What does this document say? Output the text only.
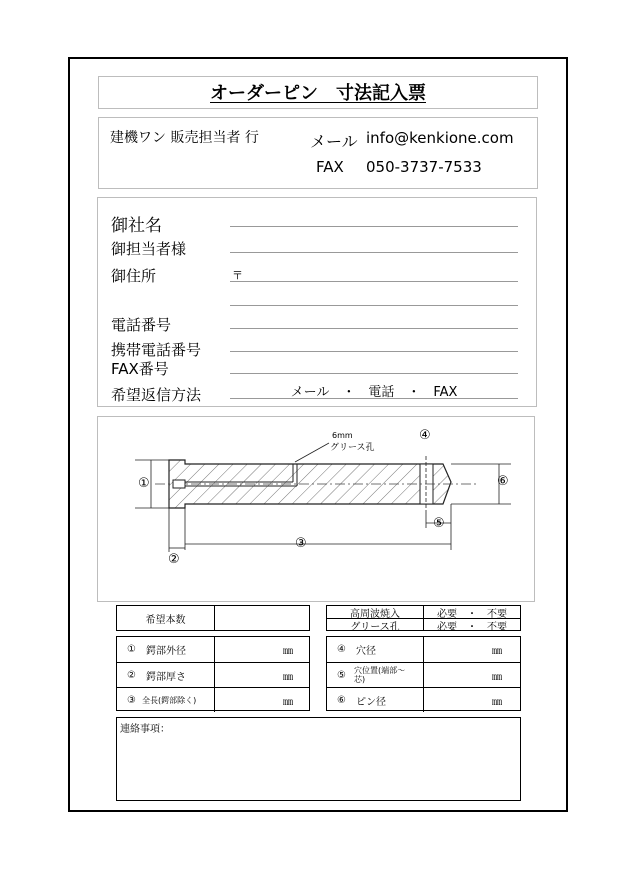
オーダーピン　寸法記入票
建機ワン 販売担当者 行	メール info@kenkione.com
FAX 050-3737-7533
御社名
御担当者様
御住所	〒
電話番号
携帯電話番号
FAX番号
希望返信方法	メール　・　電話　・　FAX
6mm
グリース孔
④
①	⑥
⑤
③
②
希望本数
高周波焼入	必要　・　不要
グリース孔	必要　・　不要
① 鍔部外径	㎜
② 鍔部厚さ	㎜
③ 全長(鍔部除く)	㎜
④ 穴径	㎜
⑤ 穴位置(端部～芯)	㎜
⑥ ピン径	㎜
連絡事項：
